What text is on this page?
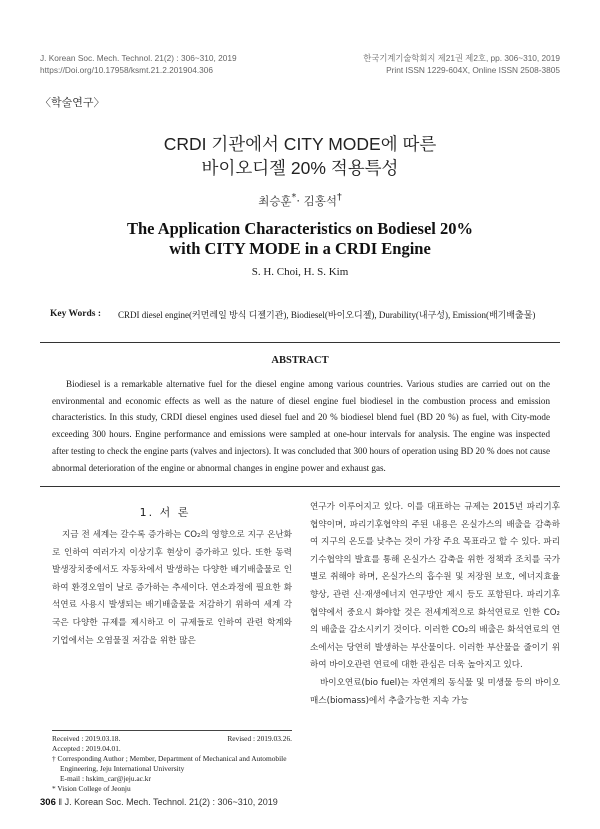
J. Korean Soc. Mech. Technol. 21(2) : 306~310, 2019
https://Doi.org/10.17958/ksmt.21.2.201904.306
한국기계기술학회지 제21권 제2호, pp. 306~310, 2019
Print ISSN 1229-604X, Online ISSN 2508-3805
〈학술연구〉
CRDI 기관에서 CITY MODE에 따른
바이오디젤 20% 적용특성
최승훈*· 김홍석†
The Application Characteristics on Bodiesel 20%
with CITY MODE in a CRDI Engine
S. H. Choi, H. S. Kim
Key Words : CRDI diesel engine(커먼레일 방식 디젤기관), Biodiesel(바이오디젤), Durability(내구성), Emission(배기배출물)
ABSTRACT
Biodiesel is a remarkable alternative fuel for the diesel engine among various countries. Various studies are carried out on the environmental and economic effects as well as the nature of diesel engine fuel biodiesel in the combustion process and emission characteristics. In this study, CRDI diesel engines used diesel fuel and 20 % biodiesel blend fuel (BD 20 %) as fuel, with City-mode exceeding 300 hours. Engine performance and emissions were sampled at one-hour intervals for analysis. The engine was inspected after testing to check the engine parts (valves and injectors). It was concluded that 300 hours of operation using BD 20 % does not cause abnormal deterioration of the engine or abnormal changes in engine power and exhaust gas.
1. 서 론

지금 전 세계는 갈수록 증가하는 CO₂의 영향으로 지구 온난화로 인하여 여러가지 이상기후 현상이 증가하고 있다. 또한 동력발생장치중에서도 자동차에서 발생하는 다양한 배기배출물로 인하여 환경오염이 날로 증가하는 추세이다. 연소과정에 필요한 화석연료 사용시 발생되는 배기배출물을 저감하기 위하여 세계 각국은 다양한 규제를 제시하고 이 규제들로 인하여 관련 학계와 기업에서는 오염물질 저감을 위한 많은

Received : 2019.03.18.	Revised : 2019.03.26.
Accepted : 2019.04.01.
† Corresponding Author ; Member, Department of Mechanical and Automobile Engineering, Jeju International University
E-mail : hskim_car@jeju.ac.kr
* Vision College of Jeonju

연구가 이루어지고 있다. 이를 대표하는 규제는 2015년 파리기후협약이며, 파리기후협약의 주된 내용은 온실가스의 배출을 감축하여 지구의 온도를 낮추는 것이 가장 주요 목표라고 할 수 있다. 파리기수협약의 발효를 통해 온실가스 감축을 위한 정책과 조치를 국가별로 취해야 하며, 온실가스의 흡수원 및 저장원 보호, 에너지효율 향상, 관련 신·재생에너지 연구방안 제시 등도 포함된다. 파리기후협약에서 중요시 화야할 것은 전세계적으로 화석연료로 인한 CO₂의 배출을 감소시키기 것이다. 이러한 CO₂의 배출은 화석연료의 연소에서는 당연히 발생하는 부산물이다. 이러한 부산물을 줄이기 위하여 바이오관련 연료에 대한 관심은 더욱 높아지고 있다.

바이오연료(bio fuel)는 자연계의 동식물 및 미생물 등의 바이오매스(biomass)에서 추출가능한 지속 가능

306 ‖ J. Korean Soc. Mech. Technol. 21(2) : 306~310, 2019
